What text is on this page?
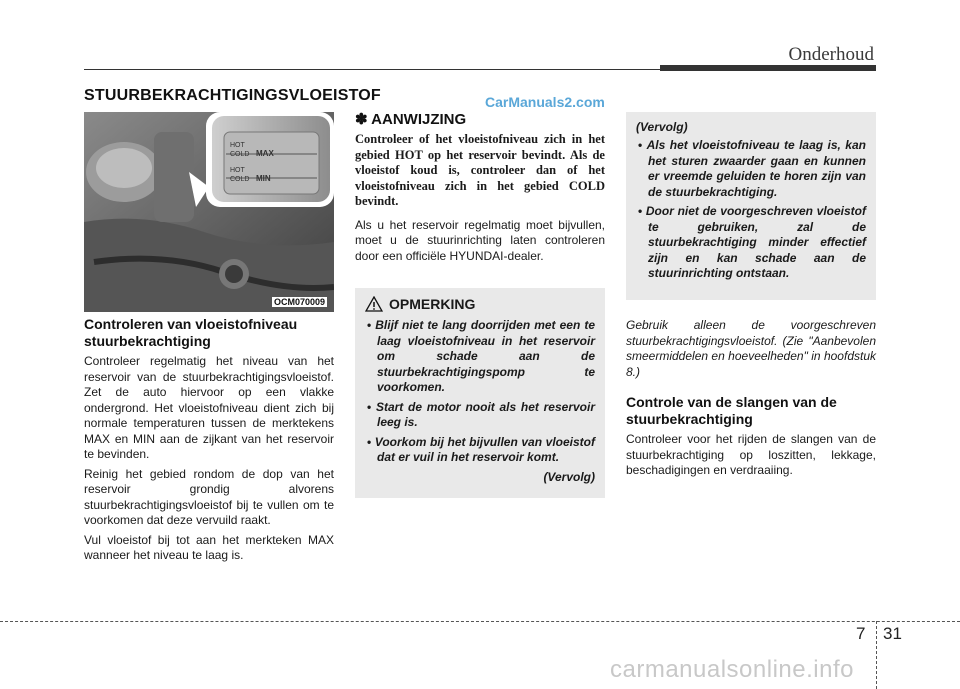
Onderhoud
STUURBEKRACHTIGINGSVLOEISTOF	CarManuals2.com
HOT
COLD MAX
HOT
COLD MIN
OCM070009

Controleren van vloeistofniveau stuurbekrachtiging

Controleer regelmatig het niveau van het reservoir van de stuurbekrachtigingsvloeistof. Zet de auto hiervoor op een vlakke ondergrond. Het vloeistofniveau dient zich bij normale temperaturen tussen de merktekens MAX en MIN aan de zijkant van het reservoir te bevinden.

Reinig het gebied rondom de dop van het reservoir grondig alvorens stuurbekrachtigingsvloeistof bij te vullen om te voorkomen dat deze vervuild raakt.

Vul vloeistof bij tot aan het merkteken MAX wanneer het niveau te laag is.

✽ AANWIJZING

Controleer of het vloeistofniveau zich in het gebied HOT op het reservoir bevindt. Als de vloeistof koud is, controleer dan of het vloeistofniveau zich in het gebied COLD bevindt.

Als u het reservoir regelmatig moet bijvullen, moet u de stuurinrichting laten controleren door een officiële HYUNDAI-dealer.

OPMERKING
• Blijf niet te lang doorrijden met een te laag vloeistofniveau in het reservoir om schade aan de stuurbekrachtigingspomp te voorkomen.
• Start de motor nooit als het reservoir leeg is.
• Voorkom bij het bijvullen van vloeistof dat er vuil in het reservoir komt.
(Vervolg)
(Vervolg)
• Als het vloeistofniveau te laag is, kan het sturen zwaarder gaan en kunnen er vreemde geluiden te horen zijn van de stuurbekrachtiging.
• Door niet de voorgeschreven vloeistof te gebruiken, zal de stuurbekrachtiging minder effectief zijn en kan schade aan de stuurinrichting ontstaan.

Gebruik alleen de voorgeschreven stuurbekrachtigingsvloeistof. (Zie "Aanbevolen smeermiddelen en hoeveelheden" in hoofdstuk 8.)

Controle van de slangen van de stuurbekrachtiging

Controleer voor het rijden de slangen van de stuurbekrachtiging op loszitten, lekkage, beschadigingen en verdraaiing.

7 31
carmanualsonline.info
